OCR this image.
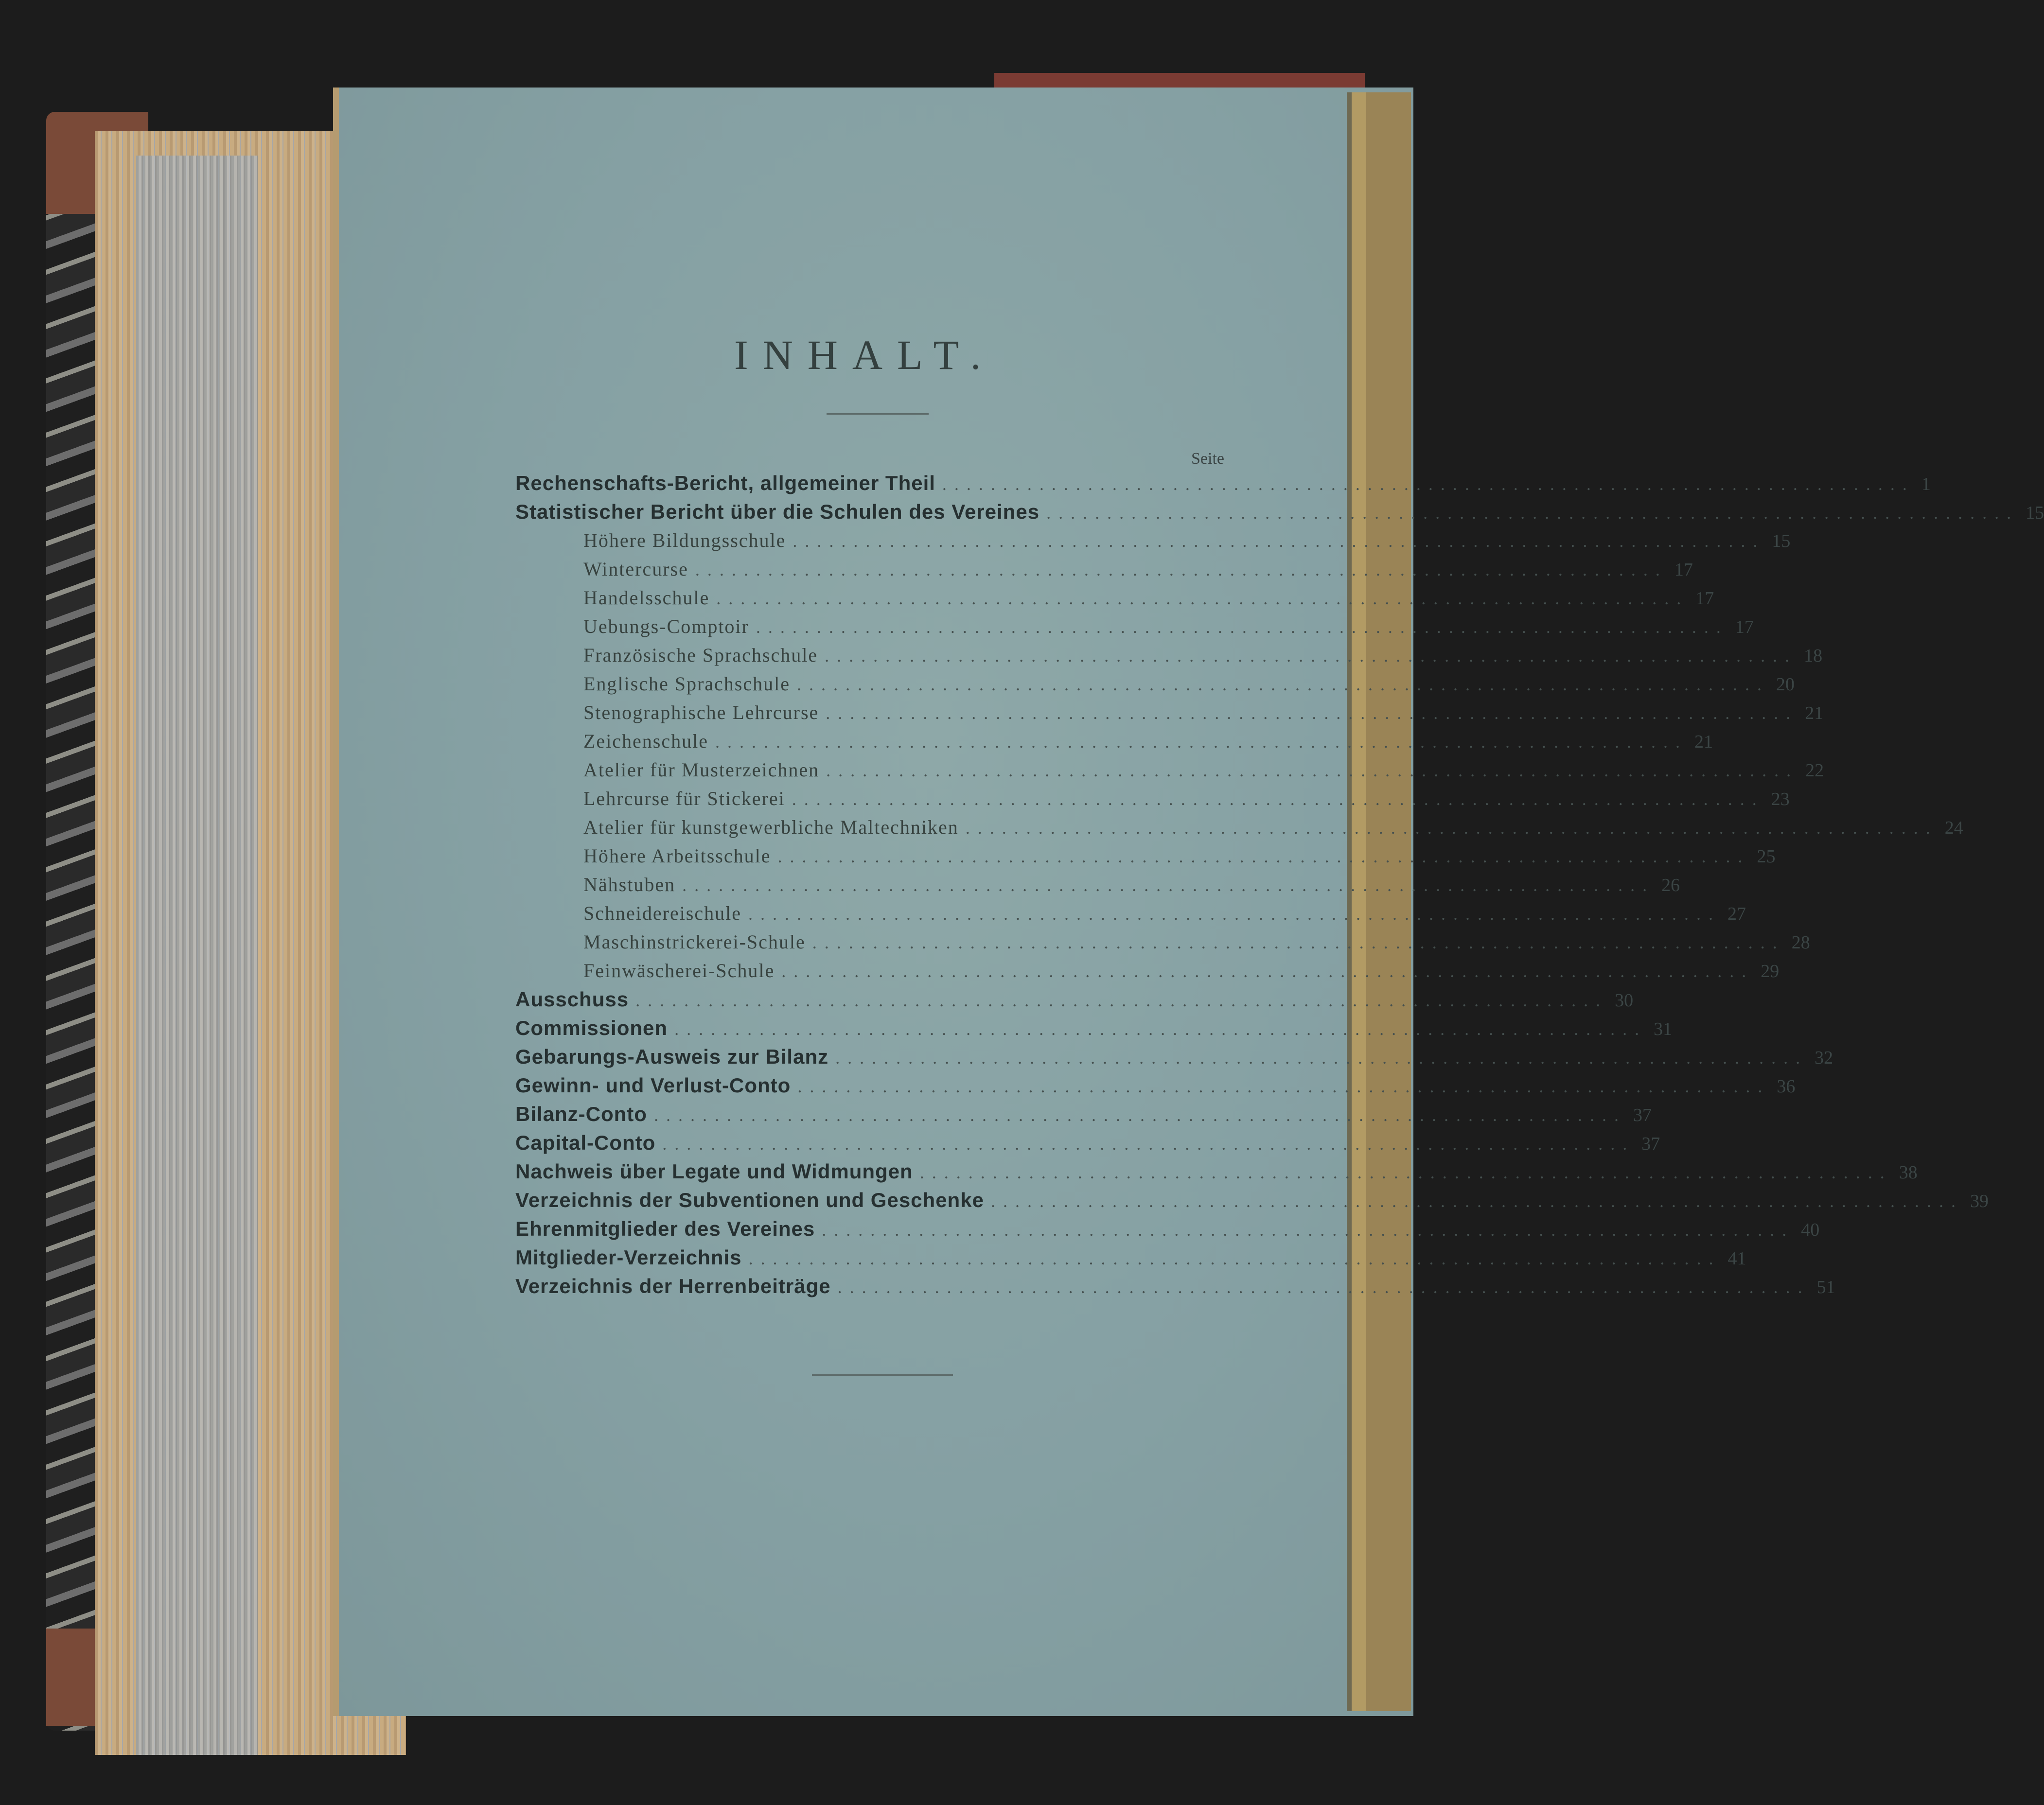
INHALT.
Seite
Rechenschafts-Bericht, allgemeiner Theil ................................................................................ 1
Statistischer Bericht über die Schulen des Vereines ................................................................................ 15
Höhere Bildungsschule ................................................................................ 15
Wintercurse ................................................................................ 17
Handelsschule ................................................................................ 17
Uebungs-Comptoir ................................................................................ 17
Französische Sprachschule ................................................................................ 18
Englische Sprachschule ................................................................................ 20
Stenographische Lehrcurse ................................................................................ 21
Zeichenschule ................................................................................ 21
Atelier für Musterzeichnen ................................................................................ 22
Lehrcurse für Stickerei ................................................................................ 23
Atelier für kunstgewerbliche Maltechniken ................................................................................ 24
Höhere Arbeitsschule ................................................................................ 25
Nähstuben ................................................................................ 26
Schneidereischule ................................................................................ 27
Maschinstrickerei-Schule ................................................................................ 28
Feinwäscherei-Schule ................................................................................ 29
Ausschuss ................................................................................ 30
Commissionen ................................................................................ 31
Gebarungs-Ausweis zur Bilanz ................................................................................ 32
Gewinn- und Verlust-Conto ................................................................................ 36
Bilanz-Conto ................................................................................ 37
Capital-Conto ................................................................................ 37
Nachweis über Legate und Widmungen ................................................................................ 38
Verzeichnis der Subventionen und Geschenke ................................................................................ 39
Ehrenmitglieder des Vereines ................................................................................ 40
Mitglieder-Verzeichnis ................................................................................ 41
Verzeichnis der Herrenbeiträge ................................................................................ 51
